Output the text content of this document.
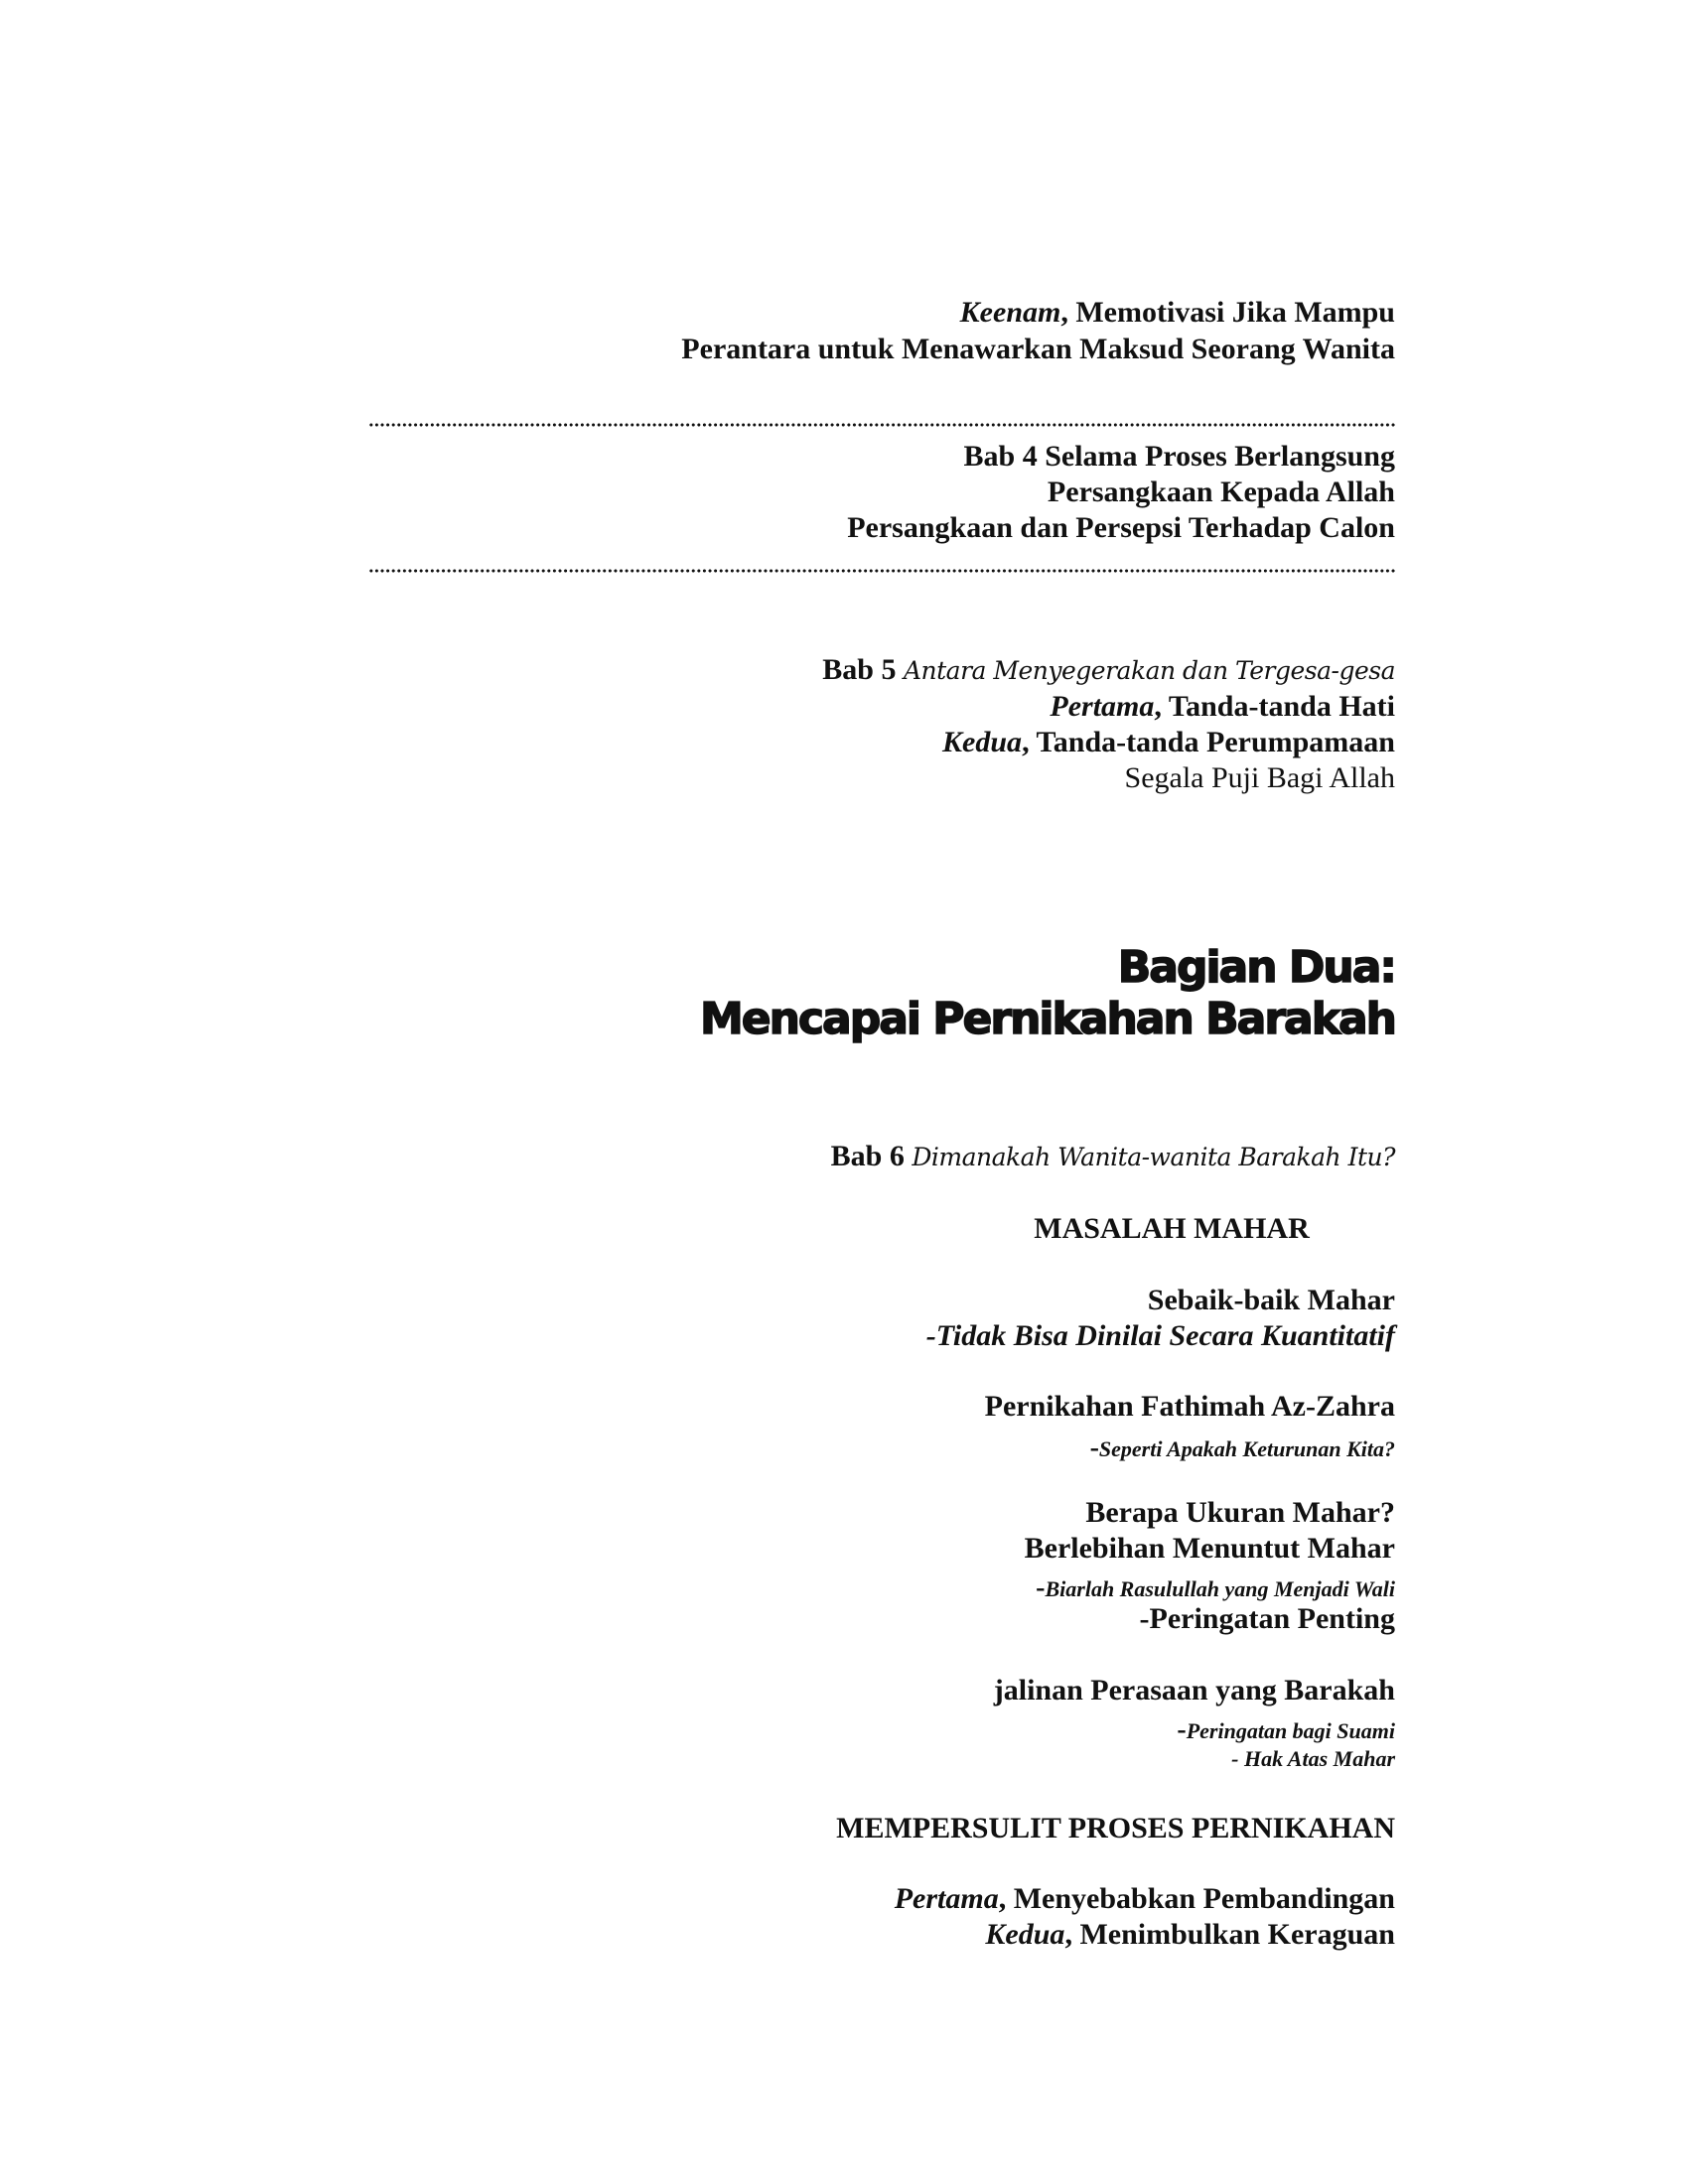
Keenam, Memotivasi Jika Mampu
Perantara untuk Menawarkan Maksud Seorang Wanita
Bab 4 Selama Proses Berlangsung
Persangkaan Kepada Allah
Persangkaan dan Persepsi Terhadap Calon
Bab 5 Antara Menyegerakan dan Tergesa-gesa
Pertama, Tanda-tanda Hati
Kedua, Tanda-tanda Perumpamaan
Segala Puji Bagi Allah
Bagian Dua:
Mencapai Pernikahan Barakah
Bab 6 Dimanakah Wanita-wanita Barakah Itu?
MASALAH MAHAR
Sebaik-baik Mahar
-Tidak Bisa Dinilai Secara Kuantitatif
Pernikahan Fathimah Az-Zahra
-Seperti Apakah Keturunan Kita?
Berapa Ukuran Mahar?
Berlebihan Menuntut Mahar
-Biarlah Rasulullah yang Menjadi Wali
-Peringatan Penting
jalinan Perasaan yang Barakah
-Peringatan bagi Suami
- Hak Atas Mahar
MEMPERSULIT PROSES PERNIKAHAN
Pertama, Menyebabkan Pembandingan
Kedua, Menimbulkan Keraguan
